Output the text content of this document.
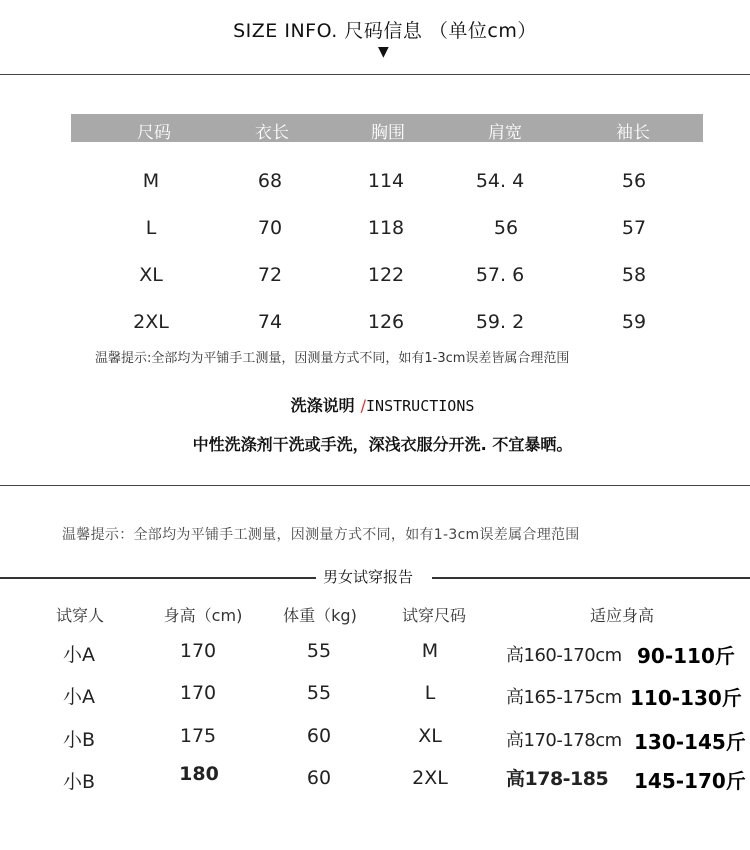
SIZE INFO. 尺码信息 （单位cm）
▼
尺码	衣长	胸围	肩宽	袖长
M	68	114	54. 4	56
L	70	118	56	57
XL	72	122	57. 6	58
2XL	74	126	59. 2	59
温馨提示:全部均为平铺手工测量，因测量方式不同，如有1-3cm误差皆属合理范围
洗涤说明 /INSTRUCTIONS
中性洗涤剂干洗或手洗，深浅衣服分开洗. 不宜暴晒。
温馨提示：全部均为平铺手工测量，因测量方式不同，如有1-3cm误差属合理范围
男女试穿报告
试穿人	身高（cm)	体重（kg)	试穿尺码	适应身高
小A	170	55	M	高160-170cm 90-110斤
小A	170	55	L	高165-175cm 110-130斤
小B	175	60	XL	高170-178cm 130-145斤
小B	180	60	2XL	高178-185 145-170斤
